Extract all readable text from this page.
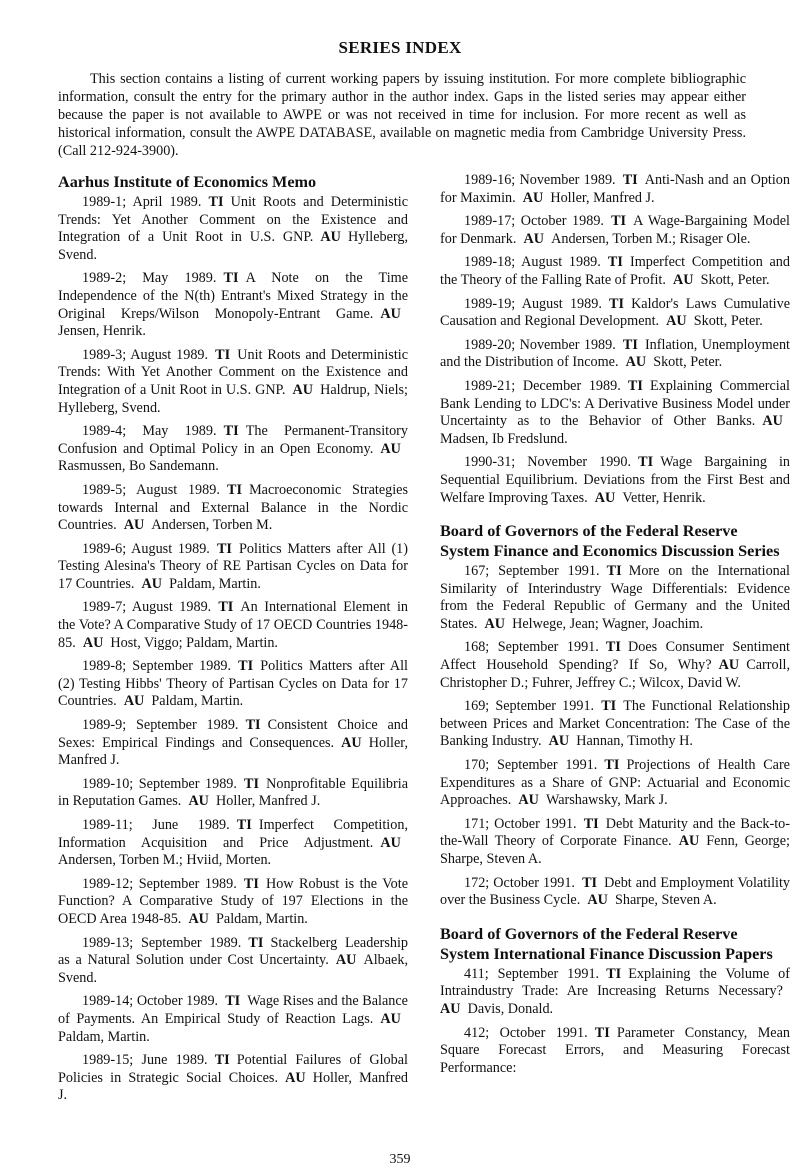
SERIES INDEX
This section contains a listing of current working papers by issuing institution. For more complete bibliographic information, consult the entry for the primary author in the author index. Gaps in the listed series may appear either because the paper is not available to AWPE or was not received in time for inclusion. For more recent as well as historical information, consult the AWPE DATABASE, available on magnetic media from Cambridge University Press. (Call 212-924-3900).
Aarhus Institute of Economics Memo
1989-1; April 1989.  TI  Unit Roots and Deterministic Trends: Yet Another Comment on the Existence and Integration of a Unit Root in U.S. GNP.  AU  Hylleberg, Svend. 
1989-2; May 1989.  TI  A Note on the Time Independence of the N(th) Entrant's Mixed Strategy in the Original Kreps/Wilson Monopoly-Entrant Game.  AU Jensen, Henrik. 
1989-3; August 1989.  TI  Unit Roots and Deterministic Trends: With Yet Another Comment on the Existence and Integration of a Unit Root in U.S. GNP.  AU  Haldrup, Niels; Hylleberg, Svend. 
1989-4; May 1989.  TI  The Permanent-Transitory Confusion and Optimal Policy in an Open Economy.  AU Rasmussen, Bo Sandemann. 
1989-5; August 1989.  TI  Macroeconomic Strategies towards Internal and External Balance in the Nordic Countries.  AU  Andersen, Torben M. 
1989-6; August 1989.  TI  Politics Matters after All (1) Testing Alesina's Theory of RE Partisan Cycles on Data for 17 Countries.  AU  Paldam, Martin. 
1989-7; August 1989.  TI  An International Element in the Vote? A Comparative Study of 17 OECD Countries 1948-85.  AU  Host, Viggo; Paldam, Martin. 
1989-8; September 1989.  TI  Politics Matters after All (2) Testing Hibbs' Theory of Partisan Cycles on Data for 17 Countries.  AU  Paldam, Martin. 
1989-9; September 1989.  TI  Consistent Choice and Sexes: Empirical Findings and Consequences.  AU  Holler, Manfred J. 
1989-10; September 1989.  TI  Nonprofitable Equilibria in Reputation Games.  AU  Holler, Manfred J. 
1989-11; June 1989.  TI  Imperfect Competition, Information Acquisition and Price Adjustment.  AU Andersen, Torben M.; Hviid, Morten. 
1989-12; September 1989.  TI  How Robust is the Vote Function? A Comparative Study of 197 Elections in the OECD Area 1948-85.  AU  Paldam, Martin. 
1989-13; September 1989.  TI  Stackelberg Leadership as a Natural Solution under Cost Uncertainty.  AU  Albaek, Svend. 
1989-14; October 1989.  TI  Wage Rises and the Balance of Payments. An Empirical Study of Reaction Lags.  AU Paldam, Martin. 
1989-15; June 1989.  TI  Potential Failures of Global Policies in Strategic Social Choices.  AU  Holler, Manfred J. 
1989-16; November 1989.  TI  Anti-Nash and an Option for Maximin.  AU  Holler, Manfred J. 
1989-17; October 1989.  TI  A Wage-Bargaining Model for Denmark.  AU  Andersen, Torben M.; Risager Ole. 
1989-18; August 1989.  TI  Imperfect Competition and the Theory of the Falling Rate of Profit.  AU  Skott, Peter. 
1989-19; August 1989.  TI  Kaldor's Laws Cumulative Causation and Regional Development.  AU  Skott, Peter. 
1989-20; November 1989.  TI  Inflation, Unemployment and the Distribution of Income.  AU  Skott, Peter. 
1989-21; December 1989.  TI  Explaining Commercial Bank Lending to LDC's: A Derivative Business Model under Uncertainty as to the Behavior of Other Banks.  AU Madsen, Ib Fredslund. 
1990-31; November 1990.  TI  Wage Bargaining in Sequential Equilibrium. Deviations from the First Best and Welfare Improving Taxes.  AU  Vetter, Henrik. 
Board of Governors of the Federal Reserve System Finance and Economics Discussion Series
167; September 1991.  TI  More on the International Similarity of Interindustry Wage Differentials: Evidence from the Federal Republic of Germany and the United States.  AU  Helwege, Jean; Wagner, Joachim. 
168; September 1991.  TI  Does Consumer Sentiment Affect Household Spending? If So, Why?  AU  Carroll, Christopher D.; Fuhrer, Jeffrey C.; Wilcox, David W. 
169; September 1991.  TI  The Functional Relationship between Prices and Market Concentration: The Case of the Banking Industry.  AU  Hannan, Timothy H. 
170; September 1991.  TI  Projections of Health Care Expenditures as a Share of GNP: Actuarial and Economic Approaches.  AU  Warshawsky, Mark J. 
171; October 1991.  TI  Debt Maturity and the Back-to-the-Wall Theory of Corporate Finance.  AU  Fenn, George; Sharpe, Steven A. 
172; October 1991.  TI  Debt and Employment Volatility over the Business Cycle.  AU  Sharpe, Steven A. 
Board of Governors of the Federal Reserve System International Finance Discussion Papers
411; September 1991.  TI  Explaining the Volume of Intraindustry Trade: Are Increasing Returns Necessary? AU  Davis, Donald. 
412; October 1991.  TI  Parameter Constancy, Mean Square Forecast Errors, and Measuring Forecast Performance: 
359
